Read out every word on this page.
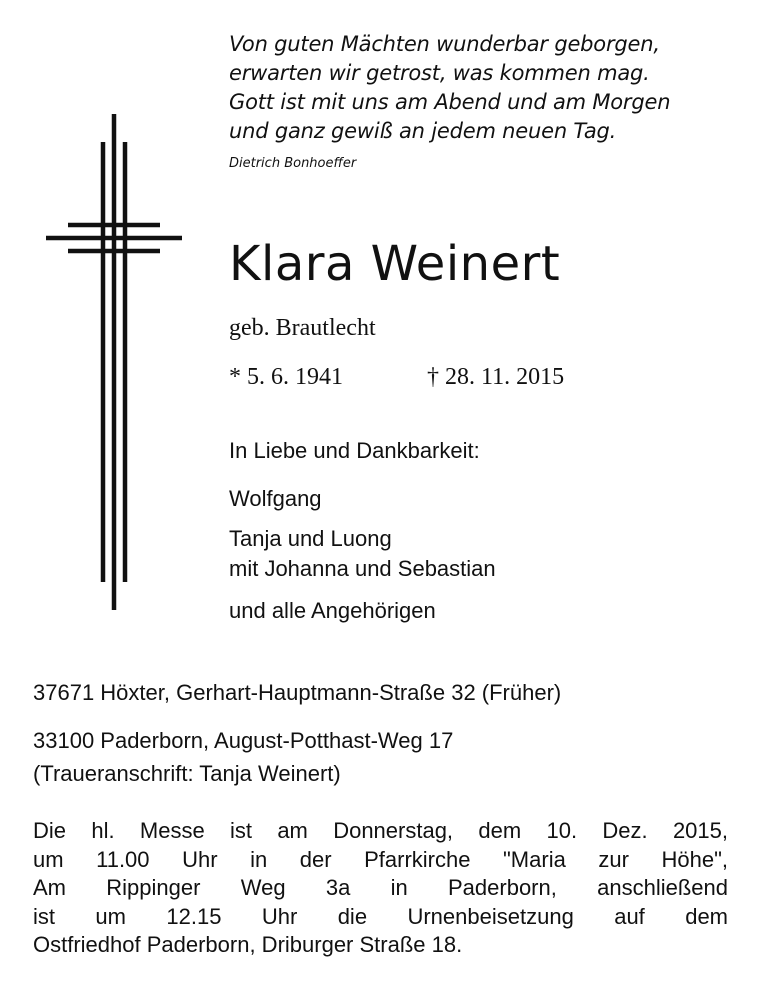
Von guten Mächten wunderbar geborgen,
erwarten wir getrost, was kommen mag.
Gott ist mit uns am Abend und am Morgen
und ganz gewiß an jedem neuen Tag.
Dietrich Bonhoeffer
Klara Weinert
geb. Brautlecht
* 5. 6. 1941	† 28. 11. 2015
In Liebe und Dankbarkeit:
Wolfgang
Tanja und Luong
mit Johanna und Sebastian
und alle Angehörigen
37671 Höxter, Gerhart-Hauptmann-Straße 32 (Früher)
33100 Paderborn, August-Potthast-Weg 17
(Traueranschrift: Tanja Weinert)
Die hl. Messe ist am Donnerstag, dem 10. Dez. 2015,
um 11.00 Uhr in der Pfarrkirche "Maria zur Höhe",
Am Rippinger Weg 3a in Paderborn, anschließend
ist um 12.15 Uhr die Urnenbeisetzung auf dem
Ostfriedhof Paderborn, Driburger Straße 18.
